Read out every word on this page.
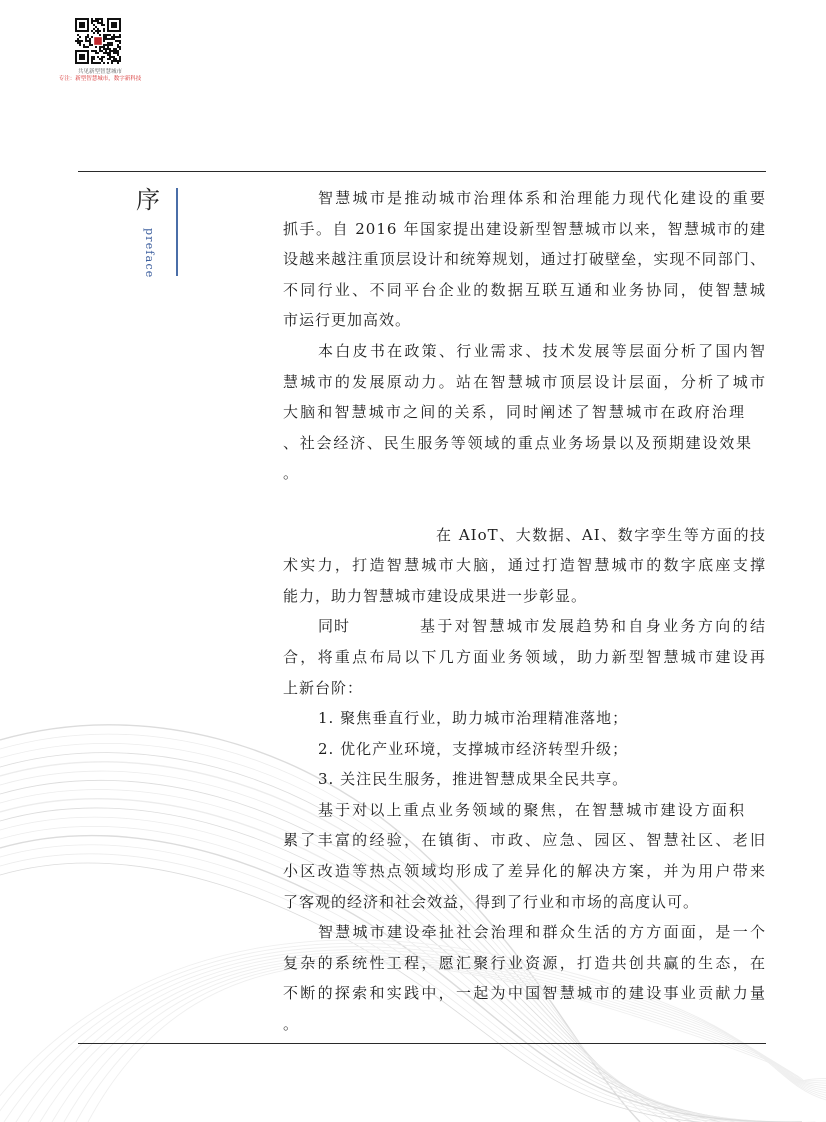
共见新型智慧城市
专注：新型智慧城市，数字新科技
序
preface
智慧城市是推动城市治理体系和治理能力现代化建设的重要
抓手。自 2016 年国家提出建设新型智慧城市以来，智慧城市的建
设越来越注重顶层设计和统筹规划，通过打破壁垒，实现不同部门、
不同行业、不同平台企业的数据互联互通和业务协同，使智慧城
市运行更加高效。
本白皮书在政策、行业需求、技术发展等层面分析了国内智
慧城市的发展原动力。站在智慧城市顶层设计层面，分析了城市
大脑和智慧城市之间的关系，同时阐述了智慧城市在政府治理
、社会经济、民生服务等领域的重点业务场景以及预期建设效果
。
在 AIoT、大数据、AI、数字孪生等方面的技
术实力，打造智慧城市大脑，通过打造智慧城市的数字底座支撑
能力，助力智慧城市建设成果进一步彰显。
同时	基于对智慧城市发展趋势和自身业务方向的结
合，将重点布局以下几方面业务领域，助力新型智慧城市建设再
上新台阶：
1. 聚焦垂直行业，助力城市治理精准落地；
2. 优化产业环境，支撑城市经济转型升级；
3. 关注民生服务，推进智慧成果全民共享。
基于对以上重点业务领域的聚焦，在智慧城市建设方面积
累了丰富的经验，在镇街、市政、应急、园区、智慧社区、老旧
小区改造等热点领域均形成了差异化的解决方案，并为用户带来
了客观的经济和社会效益，得到了行业和市场的高度认可。
智慧城市建设牵扯社会治理和群众生活的方方面面，是一个
复杂的系统性工程，愿汇聚行业资源，打造共创共赢的生态，在
不断的探索和实践中，一起为中国智慧城市的建设事业贡献力量
。
